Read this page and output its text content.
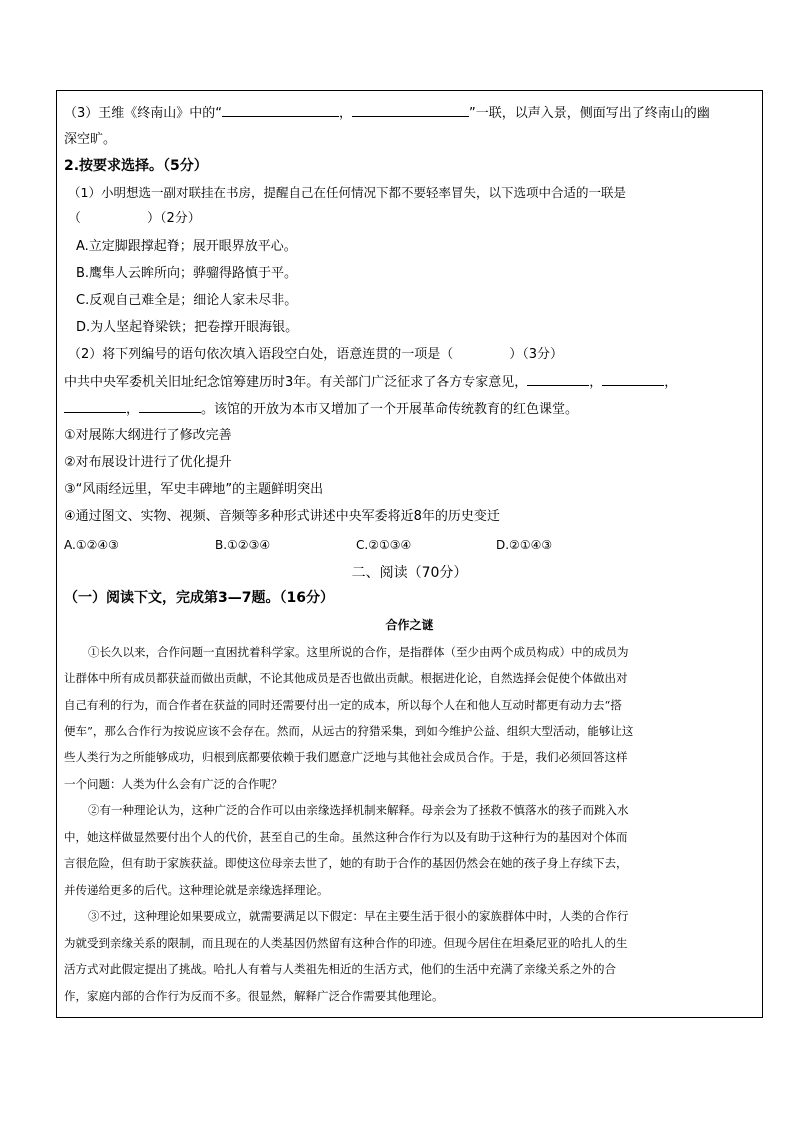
（3）王维《终南山》中的“	，	”一联，以声入景，侧面写出了终南山的幽
深空旷。
2.按要求选择。（5分）
（1）小明想选一副对联挂在书房，提醒自己在任何情况下都不要轻率冒失，以下选项中合适的一联是
（	）（2分）
A.立定脚跟撑起脊；展开眼界放平心。
B.鹰隼人云眸所向；骅骝得路慎于平。
C.反观自己难全是；细论人家未尽非。
D.为人坚起脊梁铁；把卷撑开眼海银。
（2）将下列编号的语句依次填入语段空白处，语意连贯的一项是（	）（3分）
中共中央军委机关旧址纪念馆筹建历时3年。有关部门广泛征求了各方专家意见，	，	，
，	。该馆的开放为本市又增加了一个开展革命传统教育的红色课堂。
①对展陈大纲进行了修改完善
②对布展设计进行了优化提升
③“风雨经远里，军史丰碑地”的主题鲜明突出
④通过图文、实物、视频、音频等多种形式讲述中央军委将近8年的历史变迁
A.①②④③	B.①②③④	C.②①③④	D.②①④③
二、阅读（70分）
（一）阅读下文，完成第3—7题。（16分）
合作之谜
①长久以来，合作问题一直困扰着科学家。这里所说的合作，是指群体（至少由两个成员构成）中的成员为
让群体中所有成员都获益而做出贡献，不论其他成员是否也做出贡献。根据进化论，自然选择会促使个体做出对
自己有利的行为，而合作者在获益的同时还需要付出一定的成本，所以每个人在和他人互动时都更有动力去“搭
便车”，那么合作行为按说应该不会存在。然而，从远古的狩猎采集，到如今维护公益、组织大型活动，能够让这
些人类行为之所能够成功，归根到底都要依赖于我们愿意广泛地与其他社会成员合作。于是，我们必须回答这样
一个问题：人类为什么会有广泛的合作呢？
②有一种理论认为，这种广泛的合作可以由亲缘选择机制来解释。母亲会为了拯救不慎落水的孩子而跳入水
中，她这样做显然要付出个人的代价，甚至自己的生命。虽然这种合作行为以及有助于这种行为的基因对个体而
言很危险，但有助于家族获益。即使这位母亲去世了，她的有助于合作的基因仍然会在她的孩子身上存续下去，
并传递给更多的后代。这种理论就是亲缘选择理论。
③不过，这种理论如果要成立，就需要满足以下假定：早在主要生活于很小的家族群体中时，人类的合作行
为就受到亲缘关系的限制，而且现在的人类基因仍然留有这种合作的印迹。但现今居住在坦桑尼亚的哈扎人的生
活方式对此假定提出了挑战。哈扎人有着与人类祖先相近的生活方式，他们的生活中充满了亲缘关系之外的合
作，家庭内部的合作行为反而不多。很显然，解释广泛合作需要其他理论。
